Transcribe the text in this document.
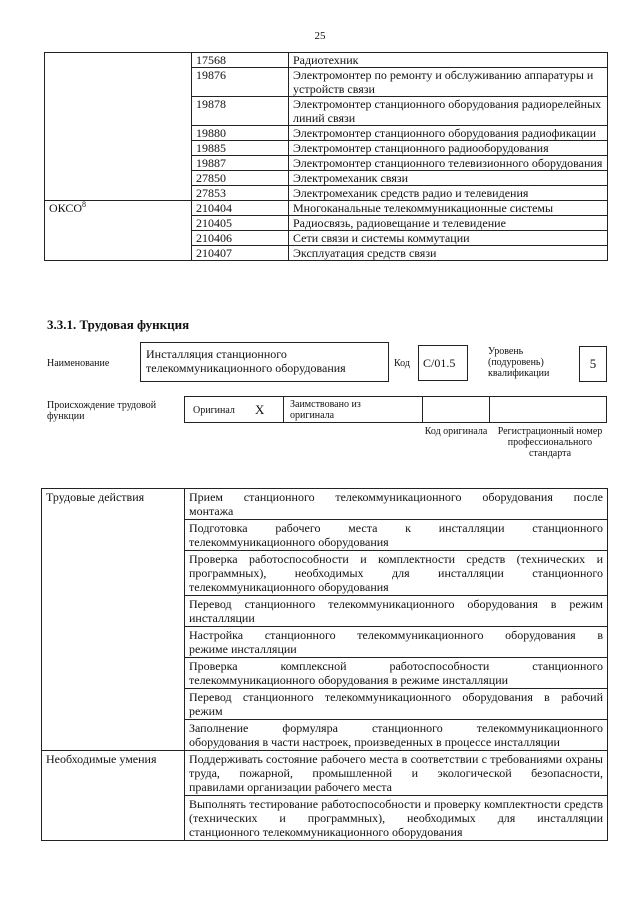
25
	17568	Радиотехник
	19876	Электромонтер по ремонту и обслуживанию аппаратуры и устройств связи
	19878	Электромонтер станционного оборудования радиорелейных линий связи
	19880	Электромонтер станционного оборудования радиофикации
	19885	Электромонтер станционного радиооборудования
	19887	Электромонтер станционного телевизионного оборудования
	27850	Электромеханик связи
	27853	Электромеханик средств радио и телевидения
ОКСО$^8$	210404	Многоканальные телекоммуникационные системы
	210405	Радиосвязь, радиовещание и телевидение
	210406	Сети связи и системы коммутации
	210407	Эксплуатация средств связи
3.3.1. Трудовая функция
Наименование
Инсталляция станционного телекоммуникационного оборудования	Код	С/01.5
Уровень (подуровень) квалификации
5
Происхождение трудовой функции
Оригинал X	Заимствовано из оригинала
Код оригинала	Регистрационный номер профессионального стандарта
Трудовые действия	Прием станционного телекоммуникационного оборудования после
монтажа

	Подготовка рабочего места к инсталляции станционного
телекоммуникационного оборудования

	Проверка работоспособности и комплектности средств (технических и программных), необходимых для инсталляции станционного
телекоммуникационного оборудования

	Перевод станционного телекоммуникационного оборудования в режим
инсталляции

	Настройка станционного телекоммуникационного оборудования в
режиме инсталляции

	Проверка комплексной работоспособности станционного
телекоммуникационного оборудования в режиме инсталляции

	Перевод станционного телекоммуникационного оборудования в рабочий
режим

	Заполнение формуляра станционного телекоммуникационного
оборудования в части настроек, произведенных в процессе инсталляции

Необходимые умения	Поддерживать состояние рабочего места в соответствии с требованиями охраны труда, пожарной, промышленной и экологической безопасности,
правилами организации рабочего места

	Выполнять тестирование работоспособности и проверку комплектности средств (технических и программных), необходимых для инсталляции
станционного телекоммуникационного оборудования
